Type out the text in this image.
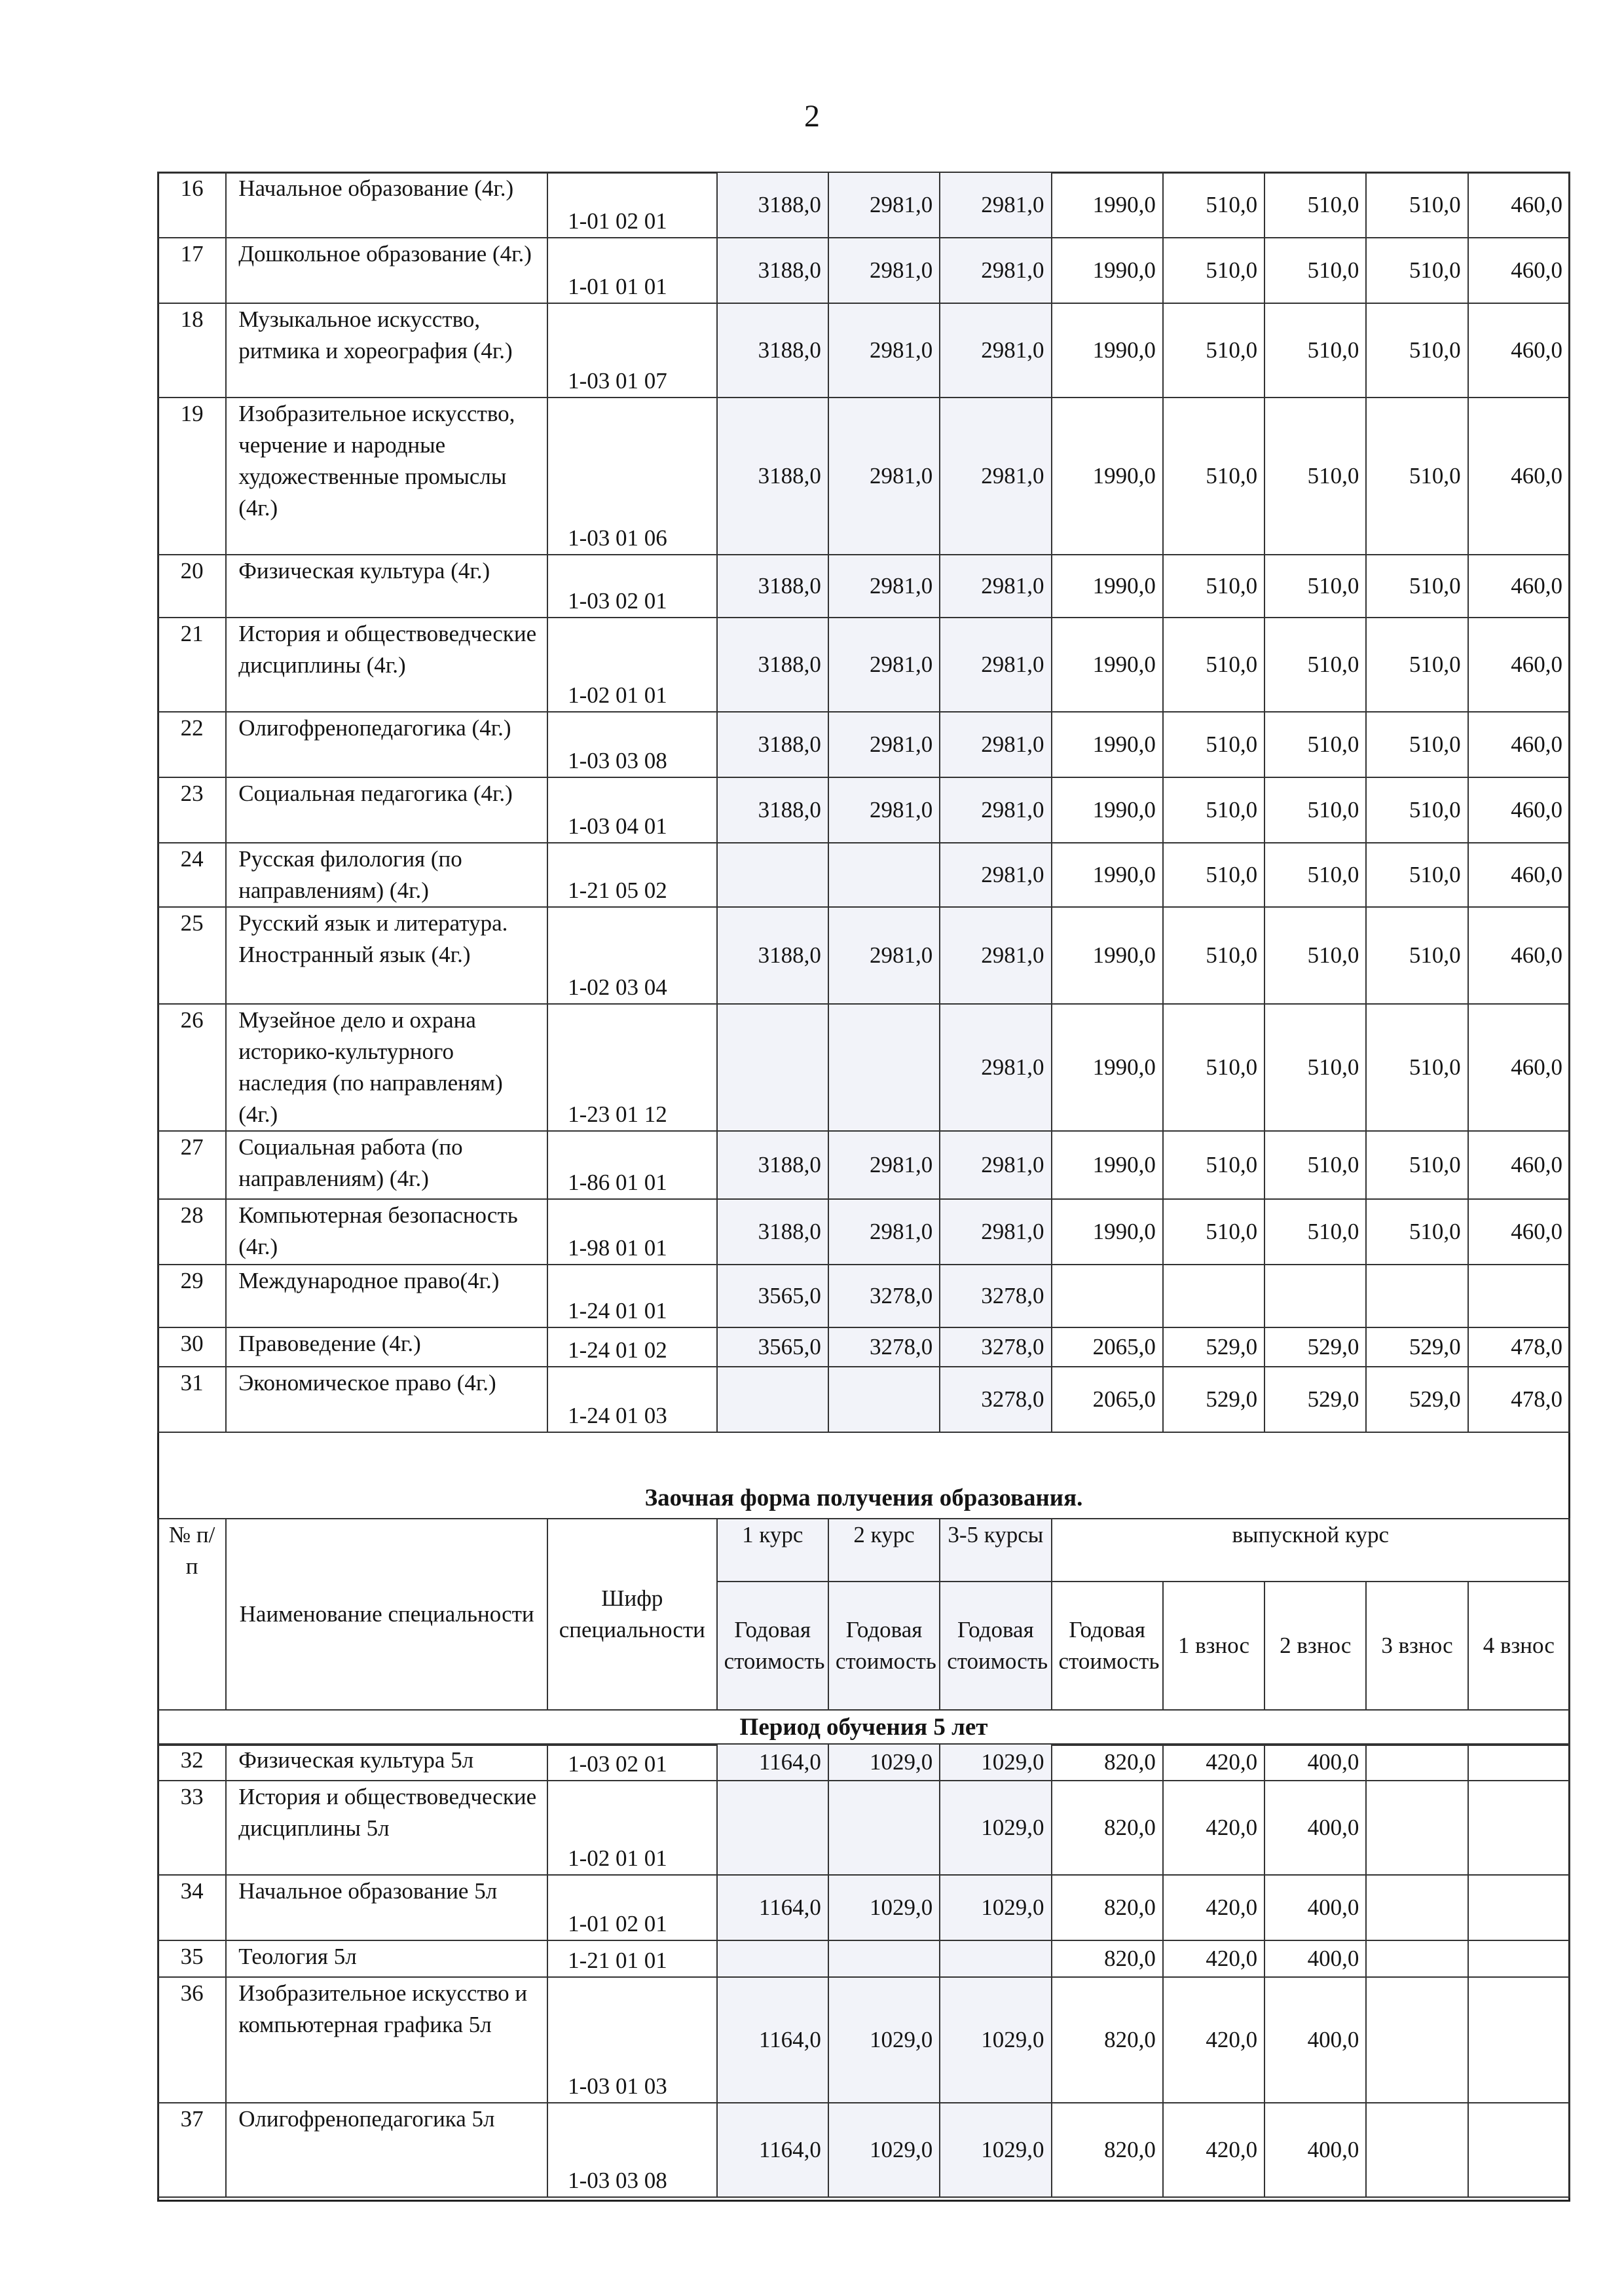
2
16	Начальное образование (4г.)	1-01 02 01	3188,0	2981,0	2981,0	1990,0	510,0	510,0	510,0	460,0
17	Дошкольное образование (4г.)	1-01 01 01	3188,0	2981,0	2981,0	1990,0	510,0	510,0	510,0	460,0
18	Музыкальное искусство, ритмика и хореография (4г.)	1-03 01 07	3188,0	2981,0	2981,0	1990,0	510,0	510,0	510,0	460,0
19	Изобразительное искусство, черчение и народные художественные промыслы (4г.)	1-03 01 06	3188,0	2981,0	2981,0	1990,0	510,0	510,0	510,0	460,0
20	Физическая культура (4г.)	1-03 02 01	3188,0	2981,0	2981,0	1990,0	510,0	510,0	510,0	460,0
21	История и обществоведческие дисциплины (4г.)	1-02 01 01	3188,0	2981,0	2981,0	1990,0	510,0	510,0	510,0	460,0
22	Олигофренопедагогика (4г.)	1-03 03 08	3188,0	2981,0	2981,0	1990,0	510,0	510,0	510,0	460,0
23	Социальная педагогика (4г.)	1-03 04 01	3188,0	2981,0	2981,0	1990,0	510,0	510,0	510,0	460,0
24	Русская филология (по направлениям) (4г.)	1-21 05 02			2981,0	1990,0	510,0	510,0	510,0	460,0
25	Русский язык и литература. Иностранный язык (4г.)	1-02 03 04	3188,0	2981,0	2981,0	1990,0	510,0	510,0	510,0	460,0
26	Музейное дело и охрана историко-культурного наследия (по направленям) (4г.)	1-23 01 12			2981,0	1990,0	510,0	510,0	510,0	460,0
27	Социальная работа (по направлениям) (4г.)	1-86 01 01	3188,0	2981,0	2981,0	1990,0	510,0	510,0	510,0	460,0
28	Компьютерная безопасность (4г.)	1-98 01 01	3188,0	2981,0	2981,0	1990,0	510,0	510,0	510,0	460,0
29	Международное право(4г.)	1-24 01 01	3565,0	3278,0	3278,0					
30	Правоведение (4г.)	1-24 01 02	3565,0	3278,0	3278,0	2065,0	529,0	529,0	529,0	478,0
31	Экономическое право (4г.)	1-24 01 03			3278,0	2065,0	529,0	529,0	529,0	478,0
Заочная форма получения образования.
№ п/п	Наименование специальности	Шифр специальности	1 курс	2 курс	3-5 курсы	выпускной курс				
			Годовая стоимость	Годовая стоимость	Годовая стоимость	Годовая стоимость	1 взнос	2 взнос	3 взнос	4 взнос
Период обучения 5 лет										
32	Физическая культура 5л	1-03 02 01	1164,0	1029,0	1029,0	820,0	420,0	400,0		
33	История и обществоведческие дисциплины 5л	1-02 01 01			1029,0	820,0	420,0	400,0		
34	Начальное образование 5л	1-01 02 01	1164,0	1029,0	1029,0	820,0	420,0	400,0		
35	Теология 5л	1-21 01 01				820,0	420,0	400,0		
36	Изобразительное искусство и компьютерная графика 5л	1-03 01 03	1164,0	1029,0	1029,0	820,0	420,0	400,0		
37	Олигофренопедагогика 5л	1-03 03 08	1164,0	1029,0	1029,0	820,0	420,0	400,0		
